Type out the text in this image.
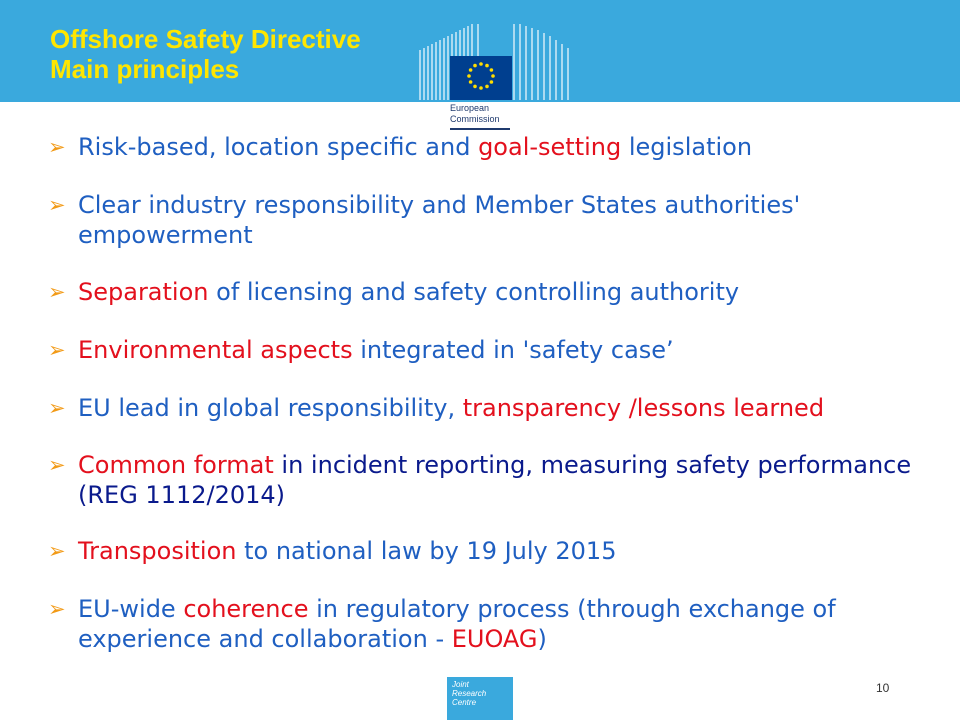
Offshore Safety Directive
Main principles
European
Commission
➢ Risk-based, location specific and goal-setting legislation
➢ Clear industry responsibility and Member States authorities' empowerment
➢ Separation of licensing and safety controlling authority
➢ Environmental aspects integrated in 'safety case’
➢ EU lead in global responsibility, transparency /lessons learned
➢ Common format in incident reporting, measuring safety performance (REG 1112/2014)
➢ Transposition to national law by 19 July 2015
➢ EU-wide coherence in regulatory process (through exchange of experience and collaboration - EUOAG)
Joint
Research
Centre
10
